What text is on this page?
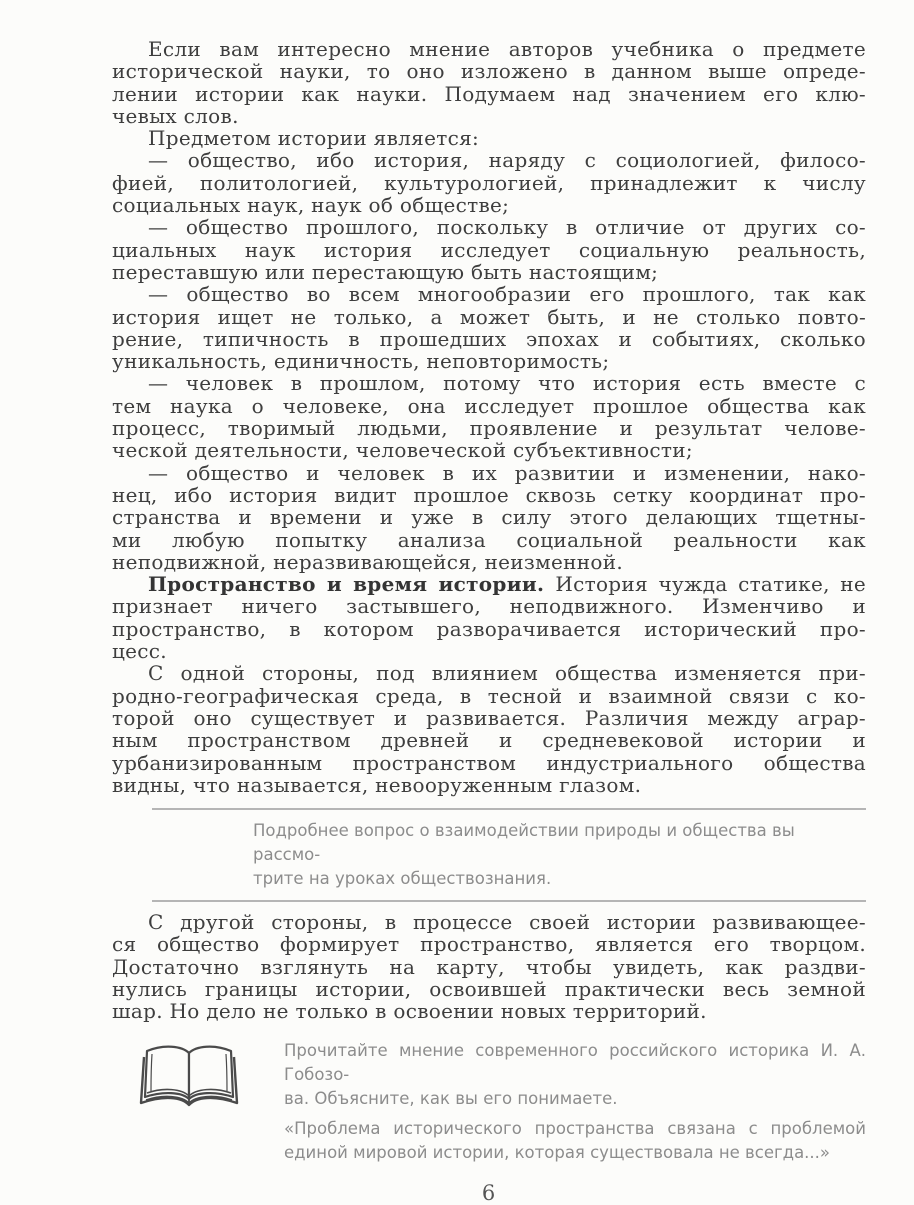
Если вам интересно мнение авторов учебника о предмете
исторической науки, то оно изложено в данном выше опреде-
лении истории как науки. Подумаем над значением его клю-
чевых слов.
Предметом истории является:
— общество, ибо история, наряду с социологией, филосо-
фией, политологией, культурологией, принадлежит к числу
социальных наук, наук об обществе;
— общество прошлого, поскольку в отличие от других со-
циальных наук история исследует социальную реальность,
переставшую или перестающую быть настоящим;
— общество во всем многообразии его прошлого, так как
история ищет не только, а может быть, и не столько повто-
рение, типичность в прошедших эпохах и событиях, сколько
уникальность, единичность, неповторимость;
— человек в прошлом, потому что история есть вместе с
тем наука о человеке, она исследует прошлое общества как
процесс, творимый людьми, проявление и результат челове-
ческой деятельности, человеческой субъективности;
— общество и человек в их развитии и изменении, нако-
нец, ибо история видит прошлое сквозь сетку координат про-
странства и времени и уже в силу этого делающих тщетны-
ми любую попытку анализа социальной реальности как
неподвижной, неразвивающейся, неизменной.
Пространство и время истории. История чужда статике, не
признает ничего застывшего, неподвижного. Изменчиво и
пространство, в котором разворачивается исторический про-
цесс.
С одной стороны, под влиянием общества изменяется при-
родно-географическая среда, в тесной и взаимной связи с ко-
торой оно существует и развивается. Различия между аграр-
ным пространством древней и средневековой истории и
урбанизированным пространством индустриального общества
видны, что называется, невооруженным глазом.
Подробнее вопрос о взаимодействии природы и общества вы рассмо-
трите на уроках обществознания.
С другой стороны, в процессе своей истории развивающее-
ся общество формирует пространство, является его творцом.
Достаточно взглянуть на карту, чтобы увидеть, как раздви-
нулись границы истории, освоившей практически весь земной
шар. Но дело не только в освоении новых территорий.
Прочитайте мнение современного российского историка И. А. Гобозо-
ва. Объясните, как вы его понимаете.
«Проблема исторического пространства связана с проблемой
единой мировой истории, которая существовала не всегда...»
6
